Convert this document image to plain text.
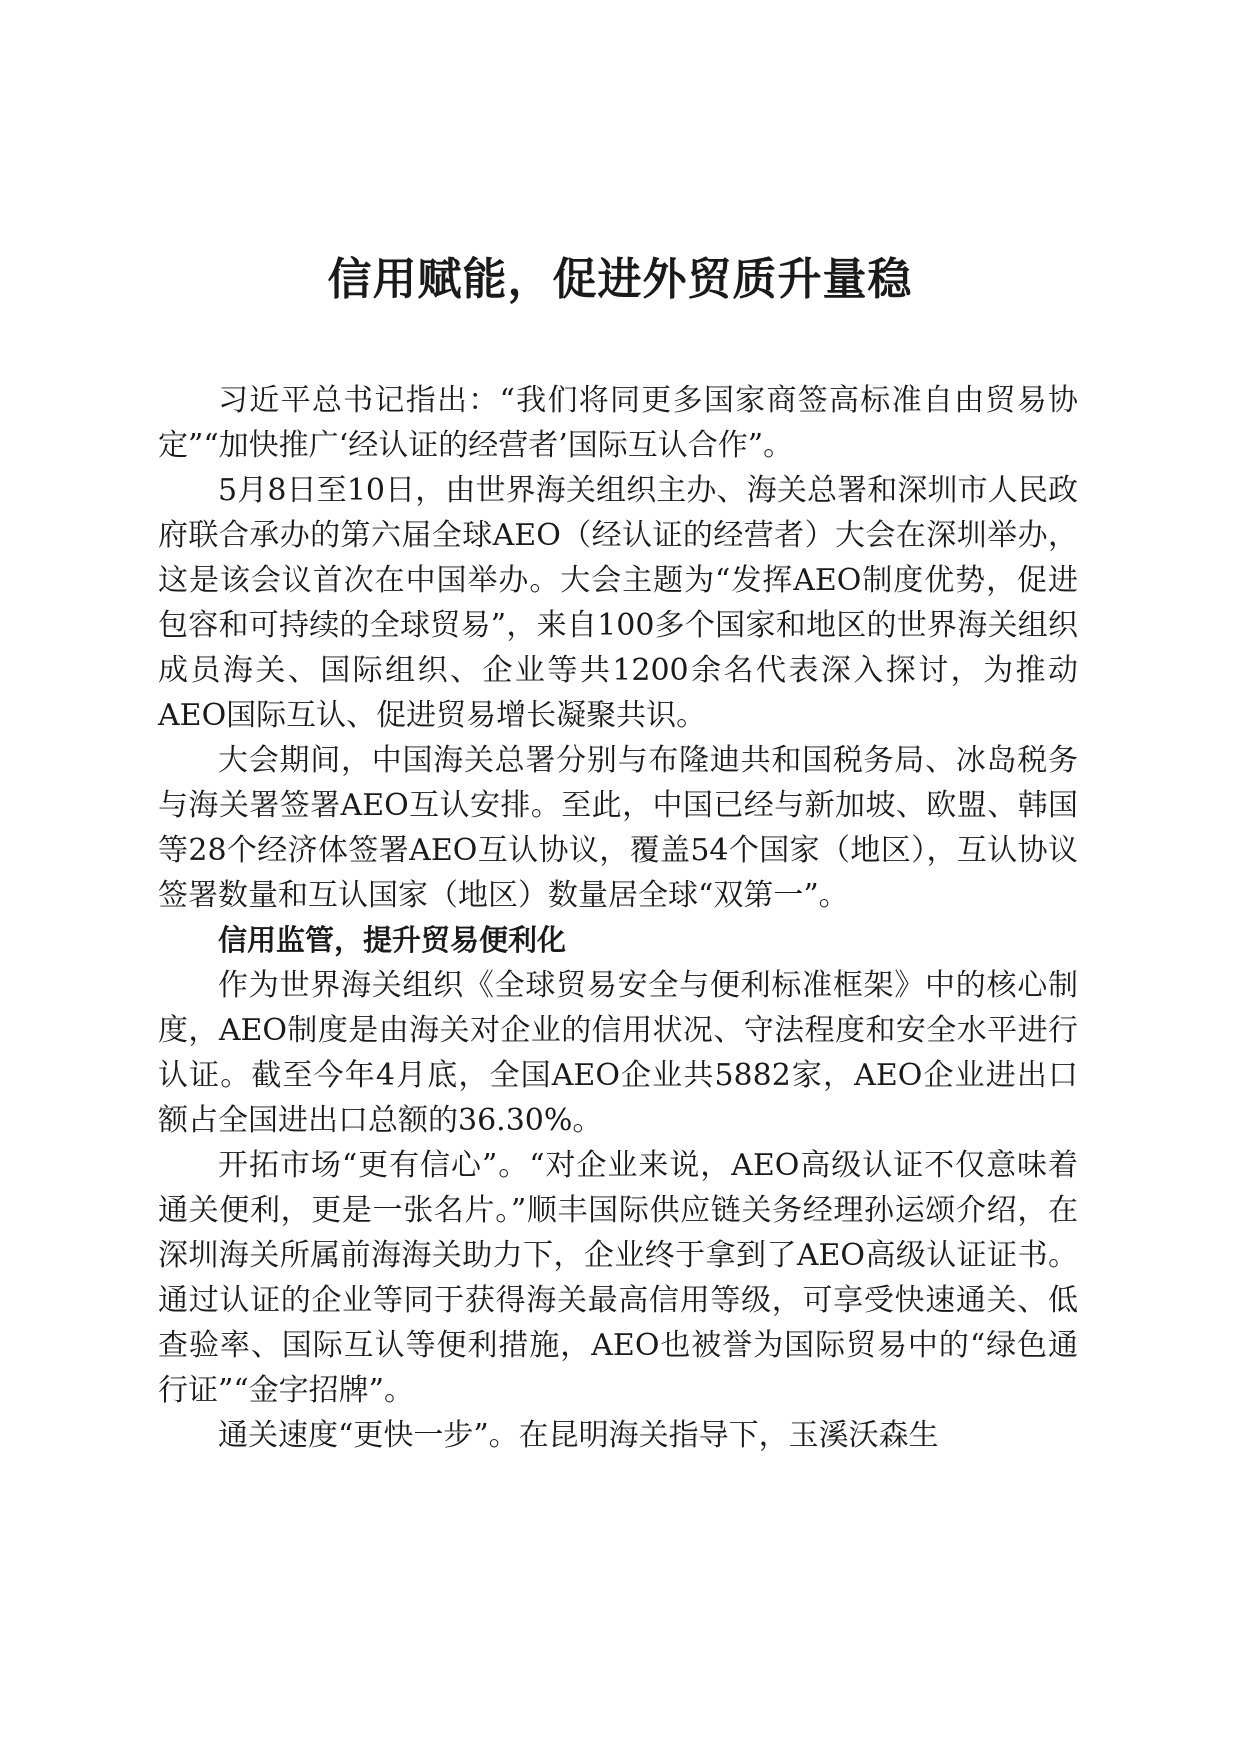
信用赋能，促进外贸质升量稳

习近平总书记指出：“我们将同更多国家商签高标准自由贸易协定”“加快推广‘经认证的经营者’国际互认合作”。

5月8日至10日，由世界海关组织主办、海关总署和深圳市人民政府联合承办的第六届全球AEO（经认证的经营者）大会在深圳举办，这是该会议首次在中国举办。大会主题为“发挥AEO制度优势，促进包容和可持续的全球贸易”，来自100多个国家和地区的世界海关组织成员海关、国际组织、企业等共1200余名代表深入探讨，为推动AEO国际互认、促进贸易增长凝聚共识。

大会期间，中国海关总署分别与布隆迪共和国税务局、冰岛税务与海关署签署AEO互认安排。至此，中国已经与新加坡、欧盟、韩国等28个经济体签署AEO互认协议，覆盖54个国家（地区），互认协议签署数量和互认国家（地区）数量居全球“双第一”。

信用监管，提升贸易便利化

作为世界海关组织《全球贸易安全与便利标准框架》中的核心制度，AEO制度是由海关对企业的信用状况、守法程度和安全水平进行认证。截至今年4月底，全国AEO企业共5882家，AEO企业进出口额占全国进出口总额的36.30%。

开拓市场“更有信心”。“对企业来说，AEO高级认证不仅意味着通关便利，更是一张名片。”顺丰国际供应链关务经理孙运颂介绍，在深圳海关所属前海海关助力下，企业终于拿到了AEO高级认证证书。通过认证的企业等同于获得海关最高信用等级，可享受快速通关、低查验率、国际互认等便利措施，AEO也被誉为国际贸易中的“绿色通行证”“金字招牌”。

通关速度“更快一步”。在昆明海关指导下，玉溪沃森生
